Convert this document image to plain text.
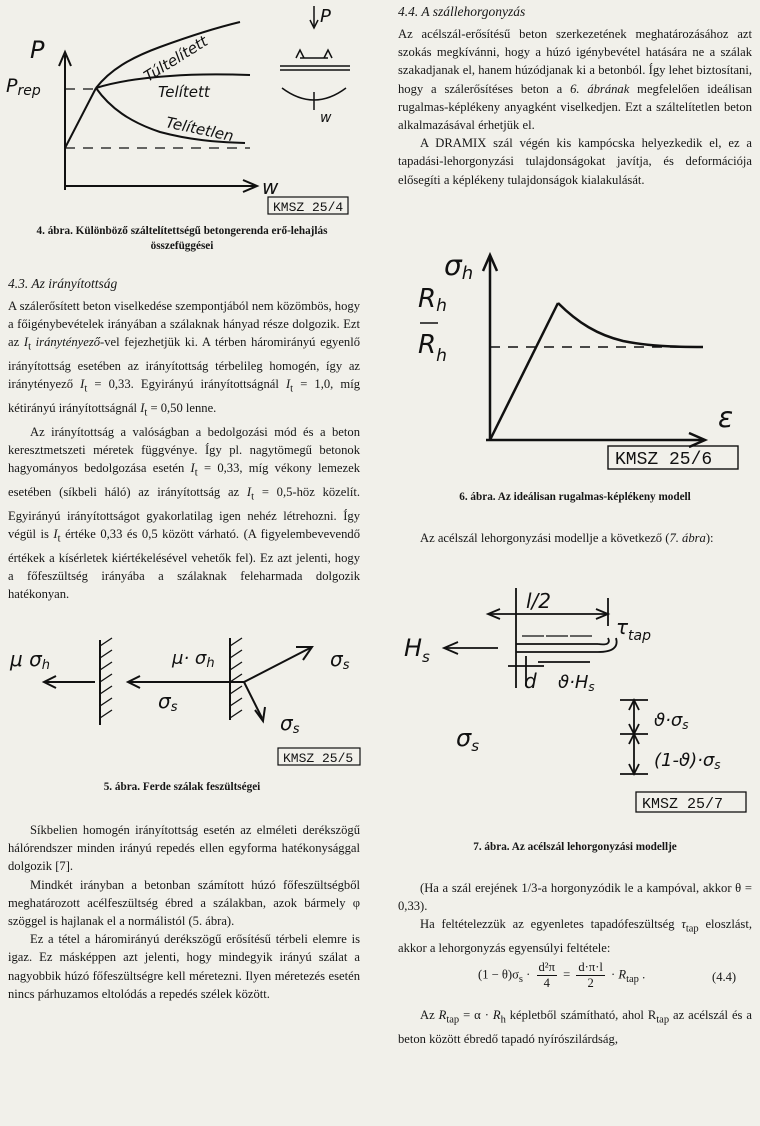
P
Prep
w
P
w
Túltelített
Telített
Telítetlen
KMSZ 25/4
4. ábra. Különböző száltelítettségű betongerenda erő-lehajlás összefüggései
4.3. Az irányítottság

A szálerősített beton viselkedése szempontjából nem közömbös, hogy a főigénybevételek irányában a szálaknak hányad része dolgozik. Ezt az $I_t$ iránytényező-vel fejezhetjük ki. A térben háromirányú egyenlő irányítottság esetében az irányítottság térbelileg homogén, így az iránytényező $I_t = 0,33$. Egyirányú irányítottságnál $I_t = 1,0$, míg kétirányú irányítottságnál $I_t = 0,50$ lenne.

Az irányítottság a valóságban a bedolgozási mód és a beton keresztmetszeti méretek függvénye. Így pl. nagytömegű betonok hagyományos bedolgozása esetén $I_t = 0,33$, míg vékony lemezek esetében (síkbeli háló) az irányítottság az $I_t$ = 0,5-höz közelít. Egyirányú irányítottságot gyakorlatilag igen nehéz létrehozni. Így végül is $I_t$ értéke 0,33 és 0,5 között várható. (A figyelembevevendő értékek a kísérletek kiértékelésével vehetők fel). Ez azt jelenti, hogy a főfeszültség irányába a szálaknak feleharmada dolgozik hatékonyan.

μ σh	μ· σh
σs
σs
σs
KMSZ 25/5
5. ábra. Ferde szálak feszültségei

Síkbelien homogén irányítottság esetén az elméleti derékszögű hálórendszer minden irányú repedés ellen egyforma hatékonysággal dolgozik [7].

Mindkét irányban a betonban számított húzó főfeszültségből meghatározott acélfeszültség ébred a szálakban, azok bármely φ szöggel is hajlanak el a normálistól (5. ábra).

Ez a tétel a háromirányú derékszögű erősítésű térbeli elemre is igaz. Ez másképpen azt jelenti, hogy mindegyik irányú szálat a nagyobbik húzó főfeszültségre kell méretezni. Ilyen méretezés esetén nincs párhuzamos eltolódás a repedés szélek között.

4.4. A szállehorgonyzás

Az acélszál-erősítésű beton szerkezetének meghatározásához azt szokás megkívánni, hogy a húzó igénybevétel hatására ne a szálak szakadjanak el, hanem húzódjanak ki a betonból. Így lehet biztosítani, hogy a szálerősítéses beton a 6. ábrának megfelelően ideálisan rugalmas-képlékeny anyagként viselkedjen. Ezt a száltelítetlen beton alkalmazásával érhetjük el.

A DRAMIX szál végén kis kampócska helyezkedik el, ez a tapadási-lehorgonyzási tulajdonságokat javítja, és deformációja elősegíti a képlékeny tulajdonságok kialakulását.

σh
Rh
$R_h$
ε
KMSZ 25/6
6. ábra. Az ideálisan rugalmas-képlékeny modell

Az acélszál lehorgonyzási modellje a következő (7. ábra):

l/2
$H_s$
$\tau_{tap}$
d ϑ·Hs
$\sigma_s$
ϑ·σs
(1-ϑ)·σs
KMSZ 25/7
7. ábra. Az acélszál lehorgonyzási modellje

(Ha a szál erejének 1/3-a horgonyzódik le a kampóval, akkor θ = 0,33).

Ha feltételezzük az egyenletes tapadófeszültség $\tau_{tap}$ eloszlást, akkor a lehorgonyzás egyensúlyi feltétele:

$(1 - \theta)\sigma_s \cdot \frac{\text{d²π}}{4} = \frac{d\cdot\pi\cdot l}{2} \cdot R_{tap}$ .	(4.4)

Az $R_{tap} = \alpha \cdot R_h$ képletből számítható, ahol $R_{tap}$ az acélszál és a beton között ébredő tapadó nyírószilárdság,
